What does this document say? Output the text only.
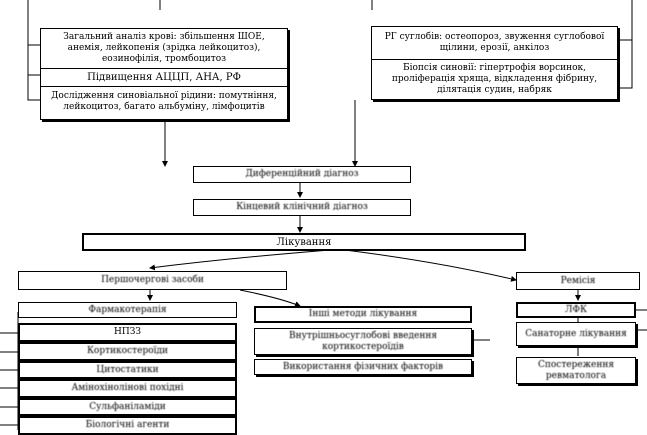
Загальний аналіз крові: збільшення ШОЕ, анемія, лейкопенія (зрідка лейкоцитоз), еозинофілія, тромбоцитоз
Підвищення АЦЦП, АНА, РФ
Дослідження синовіальної рідини: помутніння, лейкоцитоз, багато альбуміну, лімфоцитів
РГ суглобів: остеопороз, звуження суглобової щілини, ерозії, анкілоз
Біопсія синовії: гіпертрофія ворсинок, проліферація хряща, відкладення фібрину, ділятація судин, набряк
Диференційний діагноз
Кінцевий клінічний діагноз
Лікування
Першочергові засоби
Фармакотерапія
НПЗЗ
Кортикостероїди
Цитостатики
Амінохінолінові похідні
Сульфаніламіди
Біологічні агенти
Інші методи лікування
Внутрішньосуглобові введення кортикостероїдів
Використання фізичних факторів
Ремісія
ЛФК
Санаторне лікування
Спостереження ревматолога
